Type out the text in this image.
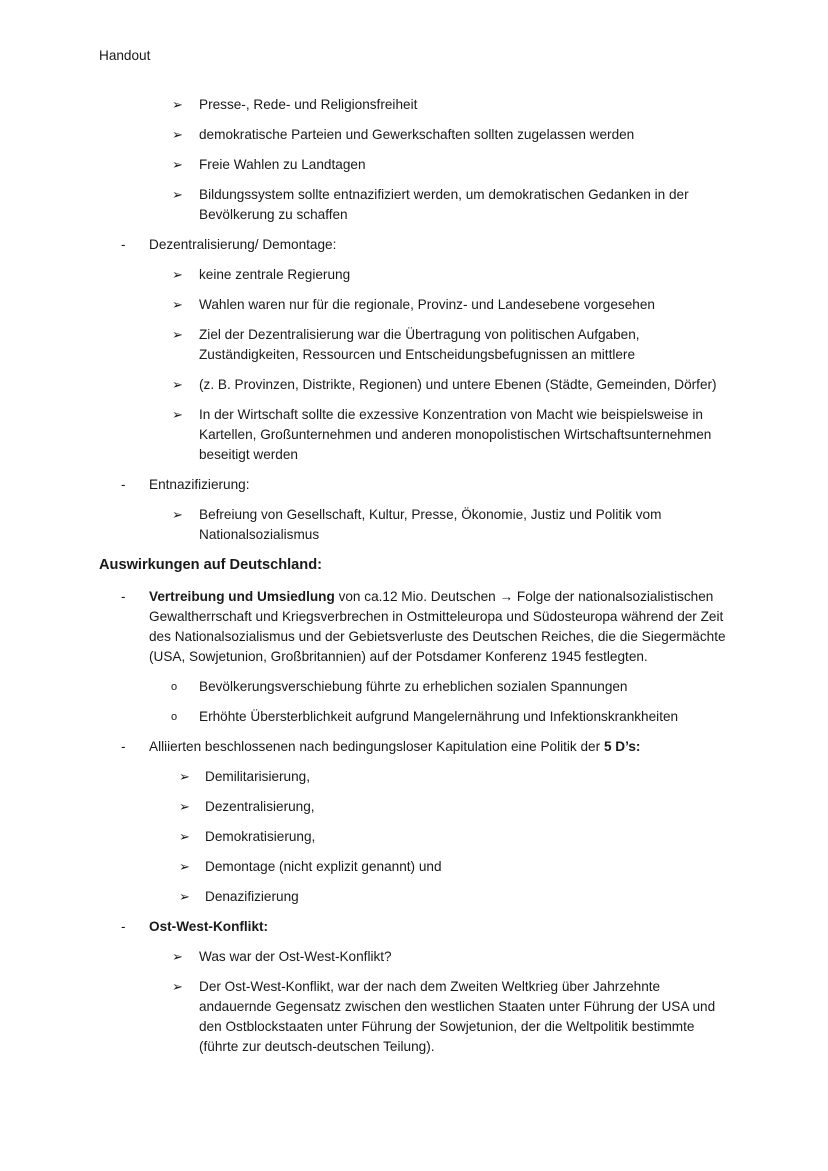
Handout
➢	Presse-, Rede- und Religionsfreiheit
➢	demokratische Parteien und Gewerkschaften sollten zugelassen werden
➢	Freie Wahlen zu Landtagen
➢	Bildungssystem sollte entnazifiziert werden, um demokratischen Gedanken in der Bevölkerung zu schaffen
- Dezentralisierung/ Demontage:
➢	keine zentrale Regierung
➢	Wahlen waren nur für die regionale, Provinz- und Landesebene vorgesehen
➢	Ziel der Dezentralisierung war die Übertragung von politischen Aufgaben, Zuständigkeiten, Ressourcen und Entscheidungsbefugnissen an mittlere
➢	(z. B. Provinzen, Distrikte, Regionen) und untere Ebenen (Städte, Gemeinden, Dörfer)
➢	In der Wirtschaft sollte die exzessive Konzentration von Macht wie beispielsweise in Kartellen, Großunternehmen und anderen monopolistischen Wirtschaftsunternehmen beseitigt werden
- Entnazifizierung:
➢	Befreiung von Gesellschaft, Kultur, Presse, Ökonomie, Justiz und Politik vom Nationalsozialismus
Auswirkungen auf Deutschland:
- Vertreibung und Umsiedlung von ca.12 Mio. Deutschen → Folge der nationalsozialistischen Gewaltherrschaft und Kriegsverbrechen in Ostmitteleuropa und Südosteuropa während der Zeit des Nationalsozialismus und der Gebietsverluste des Deutschen Reiches, die die Siegermächte (USA, Sowjetunion, Großbritannien) auf der Potsdamer Konferenz 1945 festlegten.
o Bevölkerungsverschiebung führte zu erheblichen sozialen Spannungen
o Erhöhte Übersterblichkeit aufgrund Mangelernährung und Infektionskrankheiten
- Alliierten beschlossenen nach bedingungsloser Kapitulation eine Politik der 5 D’s:
➢	Demilitarisierung,
➢	Dezentralisierung,
➢	Demokratisierung,
➢	Demontage (nicht explizit genannt) und
➢	Denazifizierung
- Ost-West-Konflikt:
➢	Was war der Ost-West-Konflikt?
➢	Der Ost-West-Konflikt, war der nach dem Zweiten Weltkrieg über Jahrzehnte andauernde Gegensatz zwischen den westlichen Staaten unter Führung der USA und den Ostblockstaaten unter Führung der Sowjetunion, der die Weltpolitik bestimmte (führte zur deutsch-deutschen Teilung).
